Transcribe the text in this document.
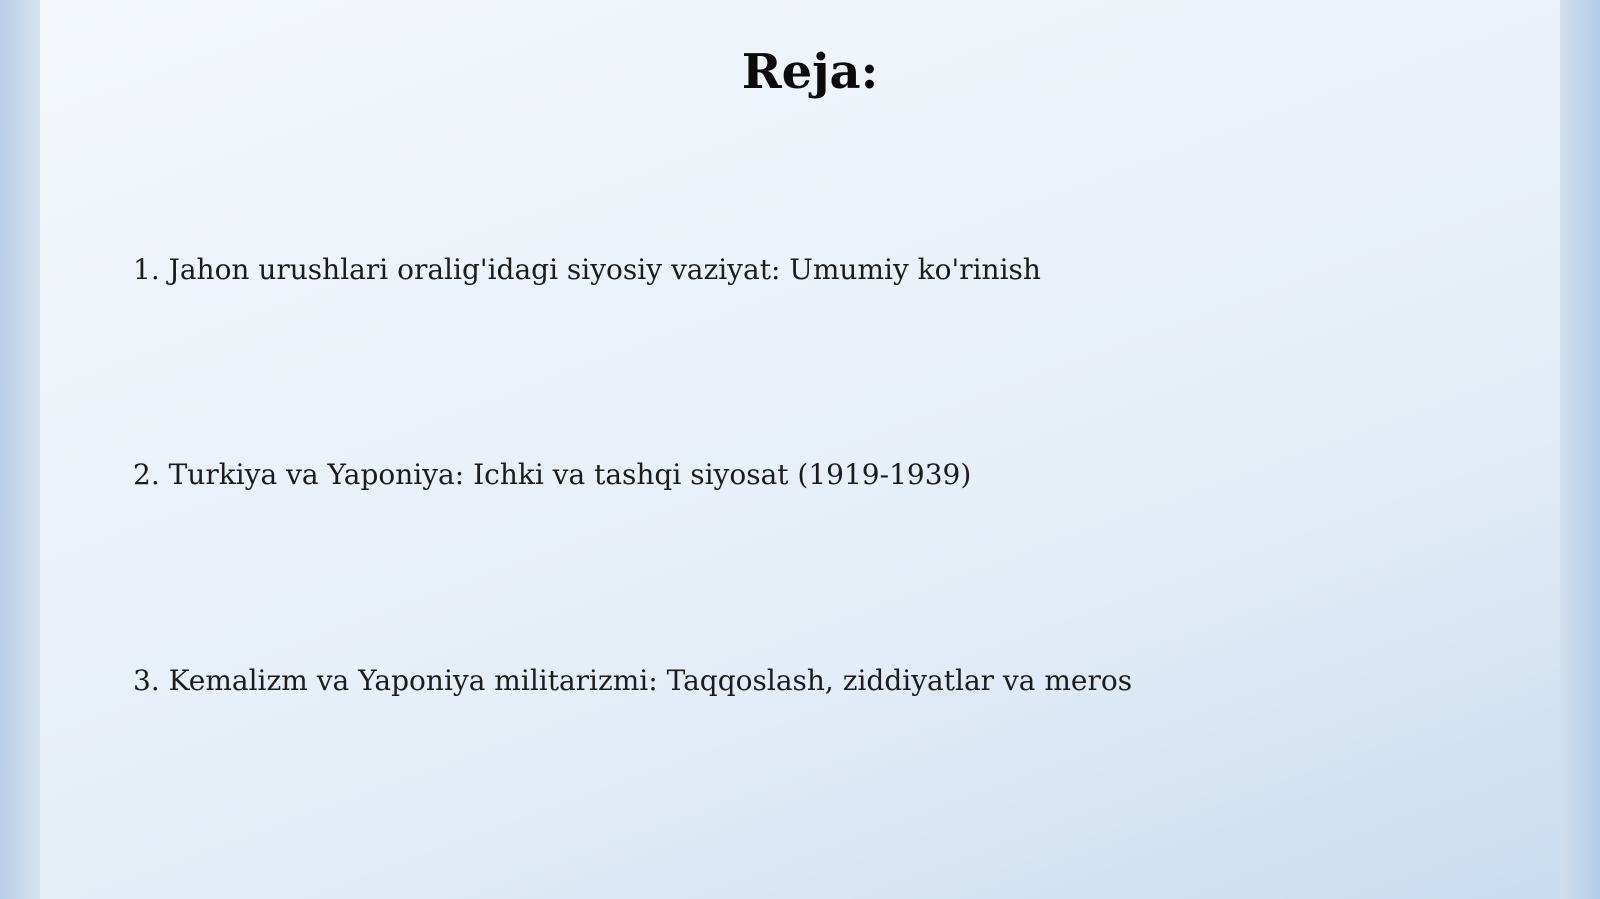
Reja:
1. Jahon urushlari oralig'idagi siyosiy vaziyat: Umumiy ko'rinish
2. Turkiya va Yaponiya: Ichki va tashqi siyosat (1919-1939)
3. Kemalizm va Yaponiya militarizmi: Taqqoslash, ziddiyatlar va meros
